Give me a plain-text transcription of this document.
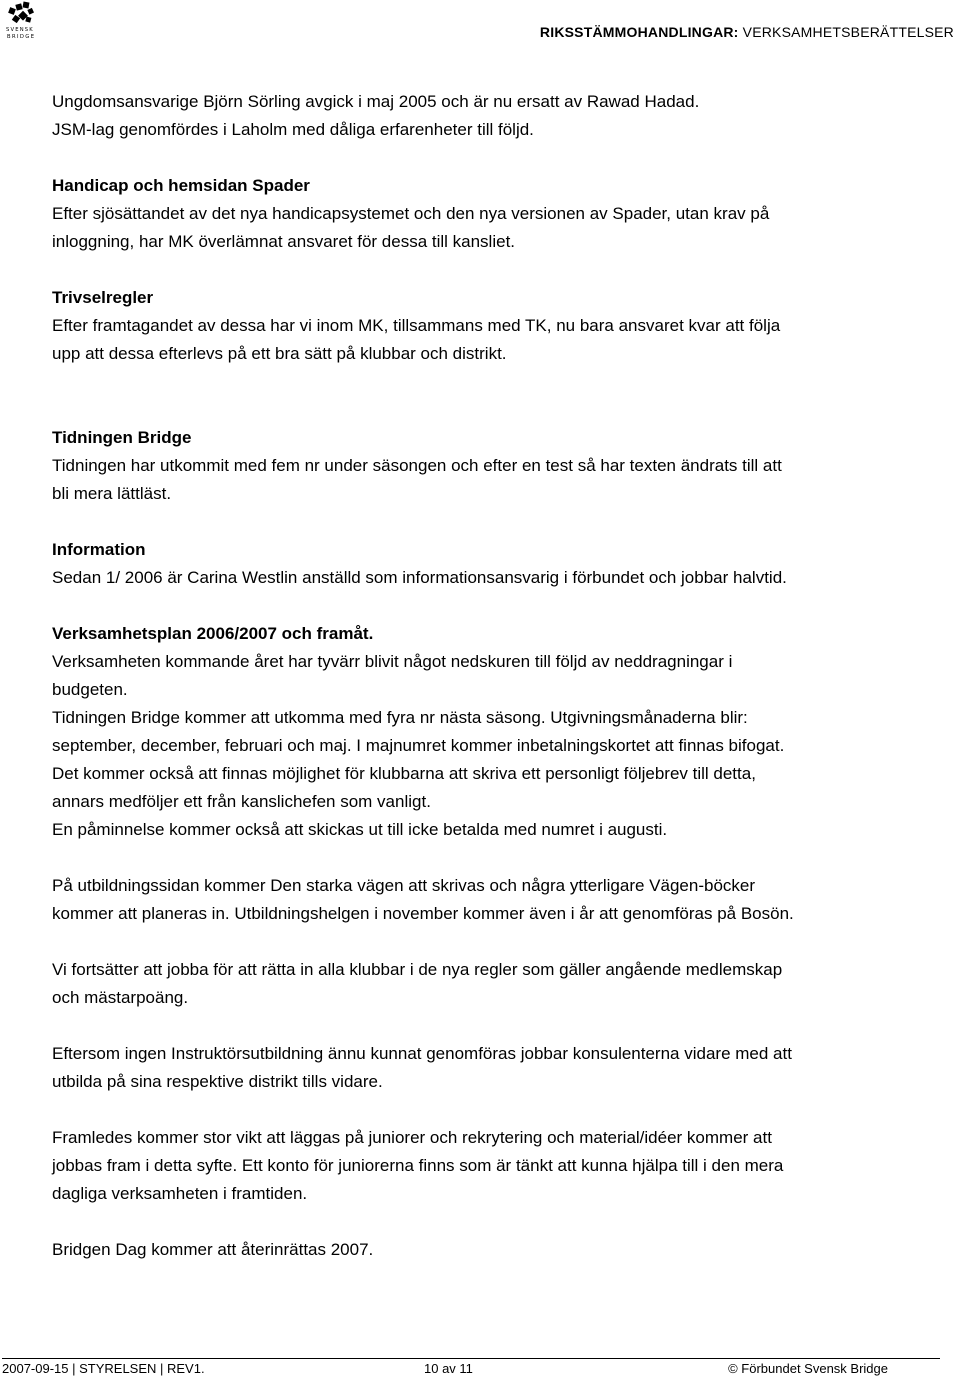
SVENSK
BRIDGE	RIKSSTÄMMOHANDLINGAR: VERKSAMHETSBERÄTTELSER

Ungdomsansvarige Björn Sörling avgick i maj 2005 och är nu ersatt av Rawad Hadad.

JSM-lag genomfördes i Laholm med dåliga erfarenheter till följd.

Handicap och hemsidan Spader

Efter sjösättandet av det nya handicapsystemet och den nya versionen av Spader, utan krav på

inloggning, har MK överlämnat ansvaret för dessa till kansliet.

Trivselregler

Efter framtagandet av dessa har vi inom MK, tillsammans med TK, nu bara ansvaret kvar att följa

upp att dessa efterlevs på ett bra sätt på klubbar och distrikt.

Tidningen Bridge

Tidningen har utkommit med fem nr under säsongen och efter en test så har texten ändrats till att

bli mera lättläst.

Information

Sedan 1/ 2006 är Carina Westlin anställd som informationsansvarig i förbundet och jobbar halvtid.

Verksamhetsplan 2006/2007 och framåt.

Verksamheten kommande året har tyvärr blivit något nedskuren till följd av neddragningar i

budgeten.

Tidningen Bridge kommer att utkomma med fyra nr nästa säsong. Utgivningsmånaderna blir:

september, december, februari och maj. I majnumret kommer inbetalningskortet att finnas bifogat.

Det kommer också att finnas möjlighet för klubbarna att skriva ett personligt följebrev till detta,

annars medföljer ett från kanslichefen som vanligt.

En påminnelse kommer också att skickas ut till icke betalda med numret i augusti.

På utbildningssidan kommer Den starka vägen att skrivas och några ytterligare Vägen-böcker

kommer att planeras in. Utbildningshelgen i november kommer även i år att genomföras på Bosön.

Vi fortsätter att jobba för att rätta in alla klubbar i de nya regler som gäller angående medlemskap

och mästarpoäng.

Eftersom ingen Instruktörsutbildning ännu kunnat genomföras jobbar konsulenterna vidare med att

utbilda på sina respektive distrikt tills vidare.

Framledes kommer stor vikt att läggas på juniorer och rekrytering och material/idéer kommer att

jobbas fram i detta syfte. Ett konto för juniorerna finns som är tänkt att kunna hjälpa till i den mera

dagliga verksamheten i framtiden.

Bridgen Dag kommer att återinrättas 2007.

2007-09-15 | STYRELSEN | REV1.	10 av 11	© Förbundet Svensk Bridge
